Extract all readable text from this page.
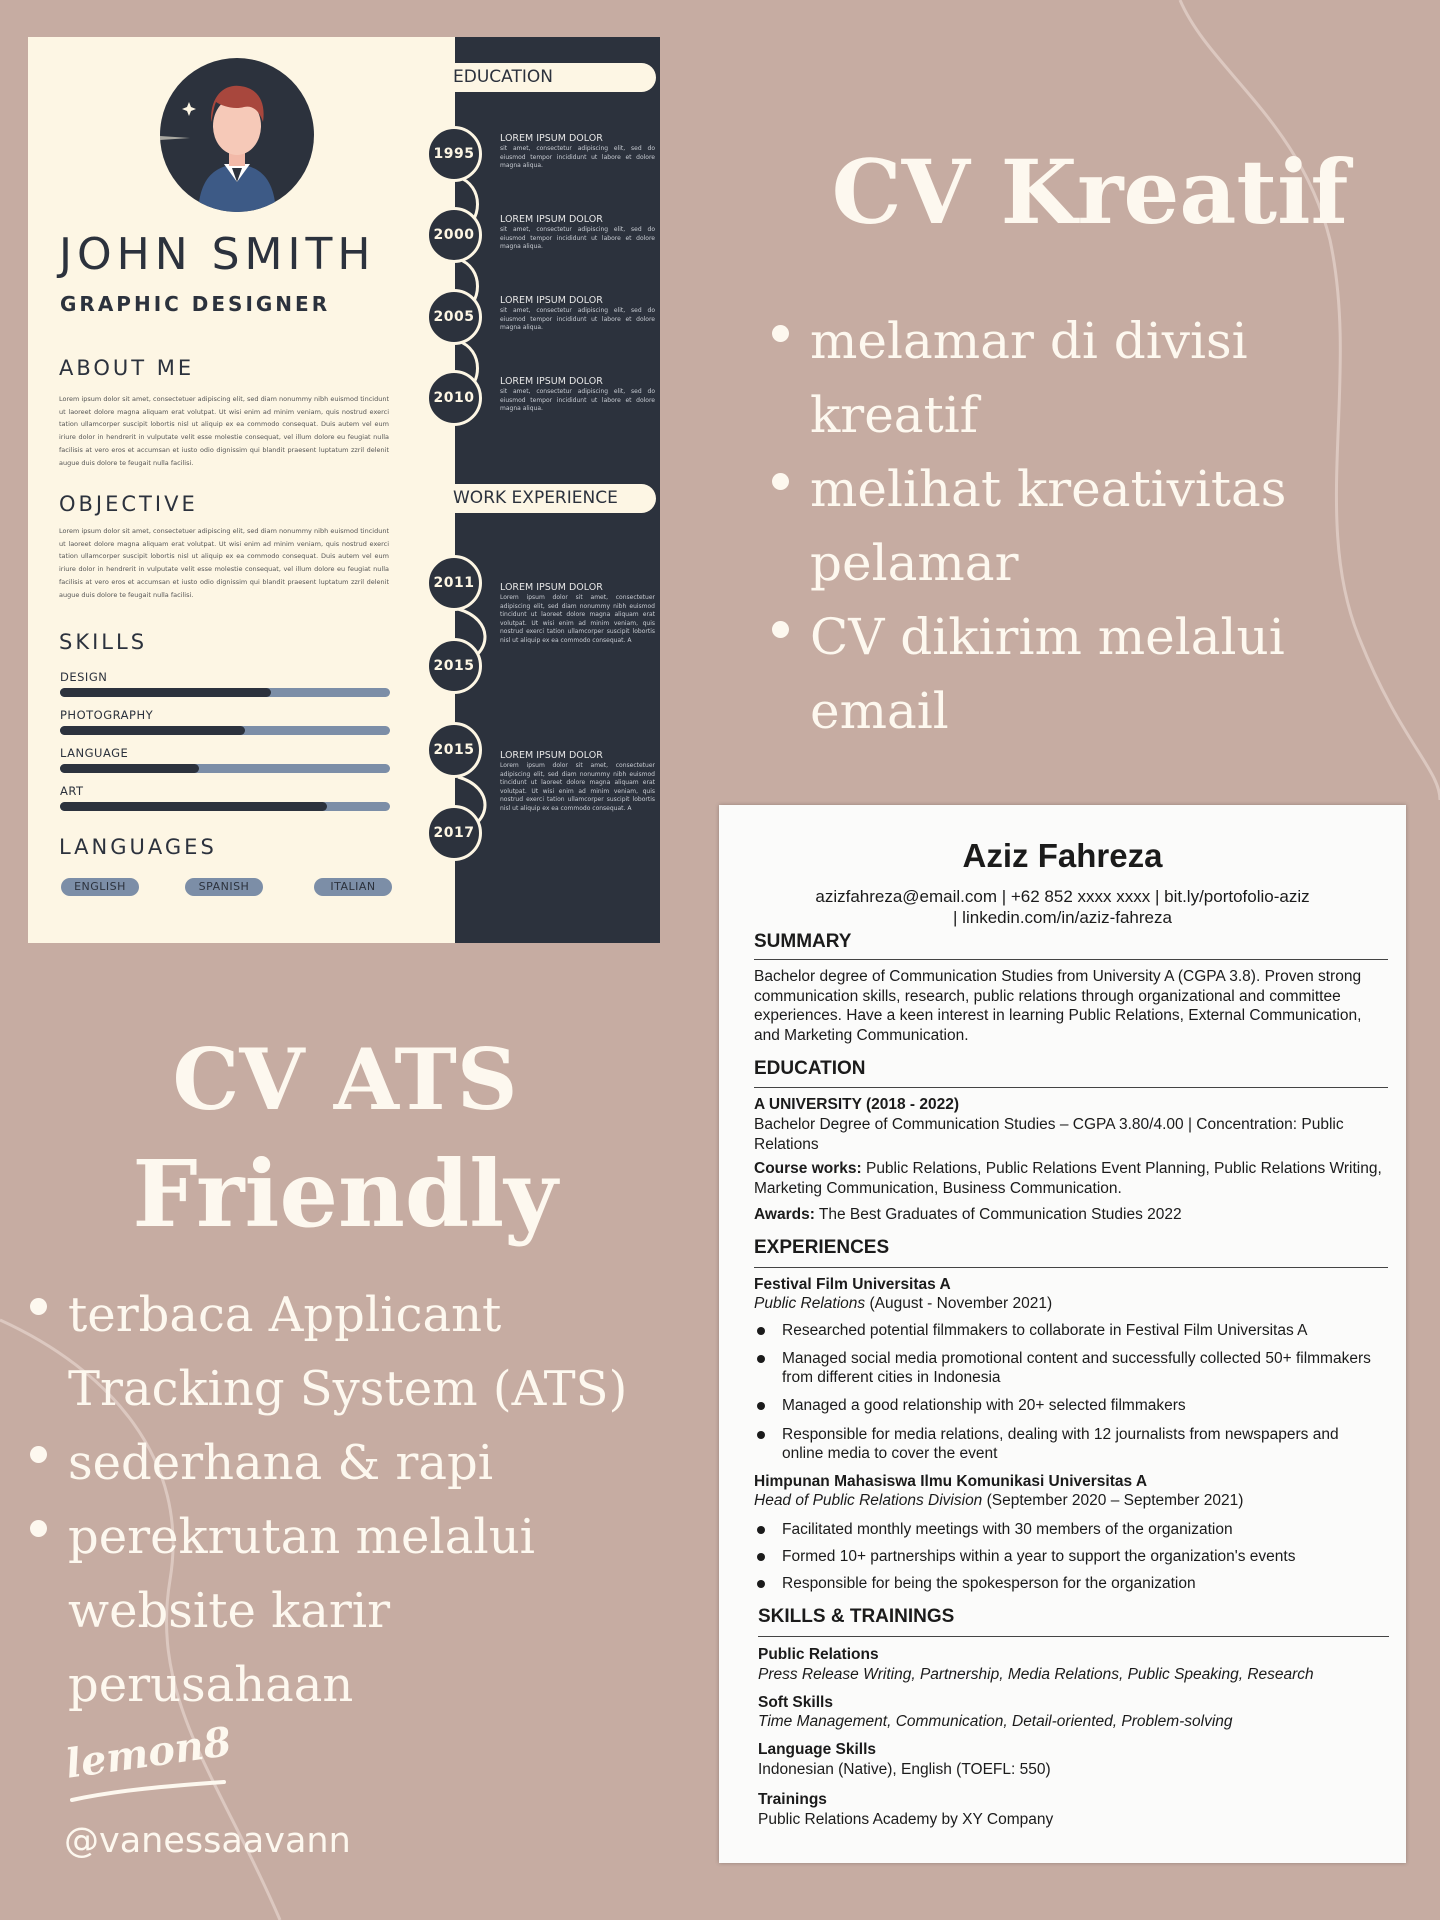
JOHN SMITH
GRAPHIC DESIGNER
ABOUT ME
Lorem ipsum dolor sit amet, consectetuer adipiscing elit, sed diam nonummy nibh euismod tincidunt ut laoreet dolore magna aliquam erat volutpat. Ut wisi enim ad minim veniam, quis nostrud exerci tation ullamcorper suscipit lobortis nisl ut aliquip ex ea commodo consequat. Duis autem vel eum iriure dolor in hendrerit in vulputate velit esse molestie consequat, vel illum dolore eu feugiat nulla facilisis at vero eros et accumsan et iusto odio dignissim qui blandit praesent luptatum zzril delenit augue duis dolore te feugait nulla facilisi.
OBJECTIVE
Lorem ipsum dolor sit amet, consectetuer adipiscing elit, sed diam nonummy nibh euismod tincidunt ut laoreet dolore magna aliquam erat volutpat. Ut wisi enim ad minim veniam, quis nostrud exerci tation ullamcorper suscipit lobortis nisl ut aliquip ex ea commodo consequat. Duis autem vel eum iriure dolor in hendrerit in vulputate velit esse molestie consequat, vel illum dolore eu feugiat nulla facilisis at vero eros et accumsan et iusto odio dignissim qui blandit praesent luptatum zzril delenit augue duis dolore te feugait nulla facilisi.
SKILLS
DESIGN
PHOTOGRAPHY
LANGUAGE
ART
LANGUAGES
ENGLISH	SPANISH	ITALIAN
EDUCATION
1995
LOREM IPSUM DOLOR
sit amet, consectetur adipiscing elit, sed do eiusmod tempor incididunt ut labore et dolore magna aliqua.
2000
LOREM IPSUM DOLOR
sit amet, consectetur adipiscing elit, sed do eiusmod tempor incididunt ut labore et dolore magna aliqua.
2005
LOREM IPSUM DOLOR
sit amet, consectetur adipiscing elit, sed do eiusmod tempor incididunt ut labore et dolore magna aliqua.
2010
LOREM IPSUM DOLOR
sit amet, consectetur adipiscing elit, sed do eiusmod tempor incididunt ut labore et dolore magna aliqua.
WORK EXPERIENCE
2011
2015
LOREM IPSUM DOLOR
Lorem ipsum dolor sit amet, consectetuer adipiscing elit, sed diam nonummy nibh euismod tincidunt ut laoreet dolore magna aliquam erat volutpat. Ut wisi enim ad minim veniam, quis nostrud exerci tation ullamcorper suscipit lobortis nisl ut aliquip ex ea commodo consequat. A
2015
2017
LOREM IPSUM DOLOR
Lorem ipsum dolor sit amet, consectetuer adipiscing elit, sed diam nonummy nibh euismod tincidunt ut laoreet dolore magna aliquam erat volutpat. Ut wisi enim ad minim veniam, quis nostrud exerci tation ullamcorper suscipit lobortis nisl ut aliquip ex ea commodo consequat. A
CV Kreatif
melamar di divisi kreatif
melihat kreativitas pelamar
CV dikirim melalui email
CV ATS
Friendly
terbaca Applicant Tracking System (ATS)
sederhana & rapi
perekrutan melalui website karir perusahaan
Aziz Fahreza
azizfahreza@email.com | +62 852 xxxx xxxx | bit.ly/portofolio-aziz
| linkedin.com/in/aziz-fahreza
SUMMARY
Bachelor degree of Communication Studies from University A (CGPA 3.8). Proven strong communication skills, research, public relations through organizational and committee experiences. Have a keen interest in learning Public Relations, External Communication, and Marketing Communication.
EDUCATION
A UNIVERSITY (2018 - 2022)
Bachelor Degree of Communication Studies – CGPA 3.80/4.00 | Concentration: Public Relations
Course works: Public Relations, Public Relations Event Planning, Public Relations Writing, Marketing Communication, Business Communication.
Awards: The Best Graduates of Communication Studies 2022
EXPERIENCES
Festival Film Universitas A
Public Relations (August - November 2021)
Researched potential filmmakers to collaborate in Festival Film Universitas A
Managed social media promotional content and successfully collected 50+ filmmakers from different cities in Indonesia
Managed a good relationship with 20+ selected filmmakers
Responsible for media relations, dealing with 12 journalists from newspapers and online media to cover the event
Himpunan Mahasiswa Ilmu Komunikasi Universitas A
Head of Public Relations Division (September 2020 – September 2021)
Facilitated monthly meetings with 30 members of the organization
Formed 10+ partnerships within a year to support the organization's events
Responsible for being the spokesperson for the organization
SKILLS & TRAININGS
Public Relations
Press Release Writing, Partnership, Media Relations, Public Speaking, Research
Soft Skills
Time Management, Communication, Detail-oriented, Problem-solving
Language Skills
Indonesian (Native), English (TOEFL: 550)
Trainings
Public Relations Academy by XY Company
lemon8
@vanessaavann
